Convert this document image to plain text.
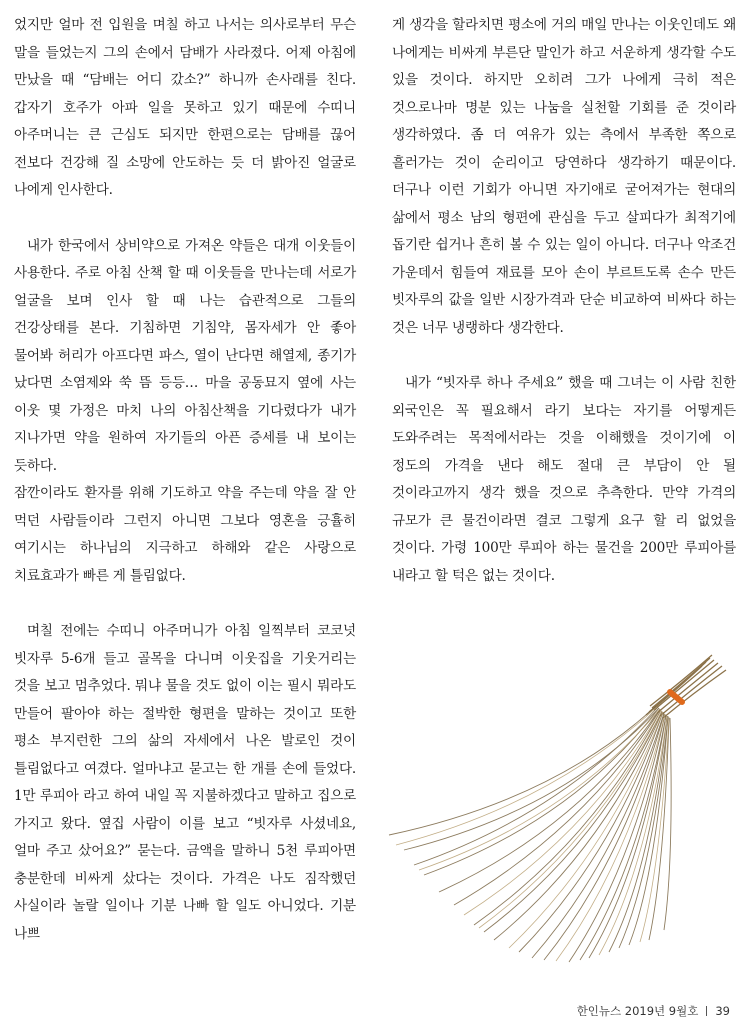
었지만 얼마 전 입원을 며칠 하고 나서는 의사로부터 무슨 말을 들었는지 그의 손에서 담배가 사라졌다. 어제 아침에 만났을 때 “담배는 어디 갔소?” 하니까 손사래를 친다. 갑자기 호주가 아파 일을 못하고 있기 때문에 수띠니 아주머니는 큰 근심도 되지만 한편으로는 담배를 끊어 전보다 건강해 질 소망에 안도하는 듯 더 밝아진 얼굴로 나에게 인사한다.

내가 한국에서 상비약으로 가져온 약들은 대개 이웃들이 사용한다. 주로 아침 산책 할 때 이웃들을 만나는데 서로가 얼굴을 보며 인사 할 때 나는 습관적으로 그들의 건강상태를 본다. 기침하면 기침약, 몸자세가 안 좋아 물어봐 허리가 아프다면 파스, 열이 난다면 해열제, 종기가 났다면 소염제와 쑥 뜸 등등… 마을 공동묘지 옆에 사는 이웃 몇 가정은 마치 나의 아침산책을 기다렸다가 내가 지나가면 약을 원하여 자기들의 아픈 증세를 내 보이는 듯하다.

잠깐이라도 환자를 위해 기도하고 약을 주는데 약을 잘 안 먹던 사람들이라 그런지 아니면 그보다 영혼을 긍휼히 여기시는 하나님의 지극하고 하해와 같은 사랑으로 치료효과가 빠른 게 틀림없다.

며칠 전에는 수띠니 아주머니가 아침 일찍부터 코코넛 빗자루 5-6개 들고 골목을 다니며 이웃집을 기웃거리는 것을 보고 멈추었다. 뭐냐 물을 것도 없이 이는 필시 뭐라도 만들어 팔아야 하는 절박한 형편을 말하는 것이고 또한 평소 부지런한 그의 삶의 자세에서 나온 발로인 것이 틀림없다고 여겼다. 얼마냐고 묻고는 한 개를 손에 들었다. 1만 루피아 라고 하여 내일 꼭 지불하겠다고 말하고 집으로 가지고 왔다. 옆집 사람이 이를 보고 “빗자루 사셨네요, 얼마 주고 샀어요?” 묻는다. 금액을 말하니 5천 루피아면 충분한데 비싸게 샀다는 것이다. 가격은 나도 짐작했던 사실이라 놀랄 일이나 기분 나빠 할 일도 아니었다. 기분 나쁘

게 생각을 할라치면 평소에 거의 매일 만나는 이웃인데도 왜 나에게는 비싸게 부른단 말인가 하고 서운하게 생각할 수도 있을 것이다. 하지만 오히려 그가 나에게 극히 적은 것으로나마 명분 있는 나눔을 실천할 기회를 준 것이라 생각하였다. 좀 더 여유가 있는 측에서 부족한 쪽으로 흘러가는 것이 순리이고 당연하다 생각하기 때문이다. 더구나 이런 기회가 아니면 자기애로 굳어져가는 현대의 삶에서 평소 남의 형편에 관심을 두고 살피다가 최적기에 돕기란 쉽거나 흔히 볼 수 있는 일이 아니다. 더구나 악조건 가운데서 힘들여 재료를 모아 손이 부르트도록 손수 만든 빗자루의 값을 일반 시장가격과 단순 비교하여 비싸다 하는 것은 너무 냉랭하다 생각한다.

내가 “빗자루 하나 주세요” 했을 때 그녀는 이 사람 친한 외국인은 꼭 필요해서 라기 보다는 자기를 어떻게든 도와주려는 목적에서라는 것을 이해했을 것이기에 이 정도의 가격을 낸다 해도 절대 큰 부담이 안 될 것이라고까지 생각 했을 것으로 추측한다. 만약 가격의 규모가 큰 물건이라면 결코 그렇게 요구 할 리 없었을 것이다. 가령 100만 루피아 하는 물건을 200만 루피아를 내라고 할 턱은 없는 것이다.

한인뉴스 2019년 9월호 39
